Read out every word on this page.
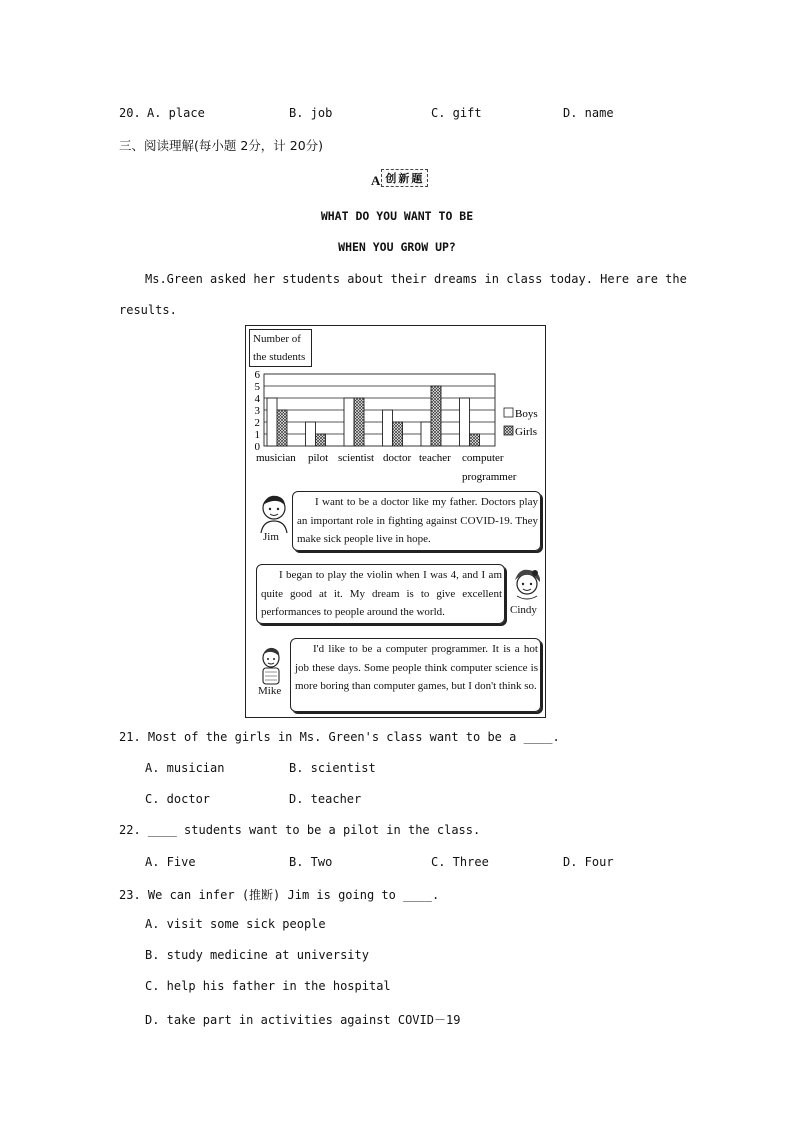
20. A. place	B. job	C. gift	D. name
三、阅读理解(每小题 2分，计 20分)
A 创新题
WHAT DO YOU WANT TO BE
WHEN YOU GROW UP?
Ms.Green asked her students about their dreams in class today. Here are the
results.
Number of the students
0
1
2
3
4
5
6
musician pilot scientist doctor teacher computer
programmer
Boys
Girls
Jim
I want to be a doctor like my father. Doctors play an important role in fighting against COVID-19. They make sick people live in hope.
I began to play the violin when I was 4, and I am quite good at it. My dream is to give excellent performances to people around the world.	Cindy
Mike
I'd like to be a computer programmer. It is a hot job these days. Some people think computer science is more boring than computer games, but I don't think so.
21. Most of the girls in Ms. Green's class want to be a ____.
A. musician	B. scientist
C. doctor	D. teacher
22. ____ students want to be a pilot in the class.
A. Five	B. Two	C. Three	D. Four
23. We can infer (推断) Jim is going to ____.
A. visit some sick people
B. study medicine at university
C. help his father in the hospital
D. take part in activities against COVID－19
